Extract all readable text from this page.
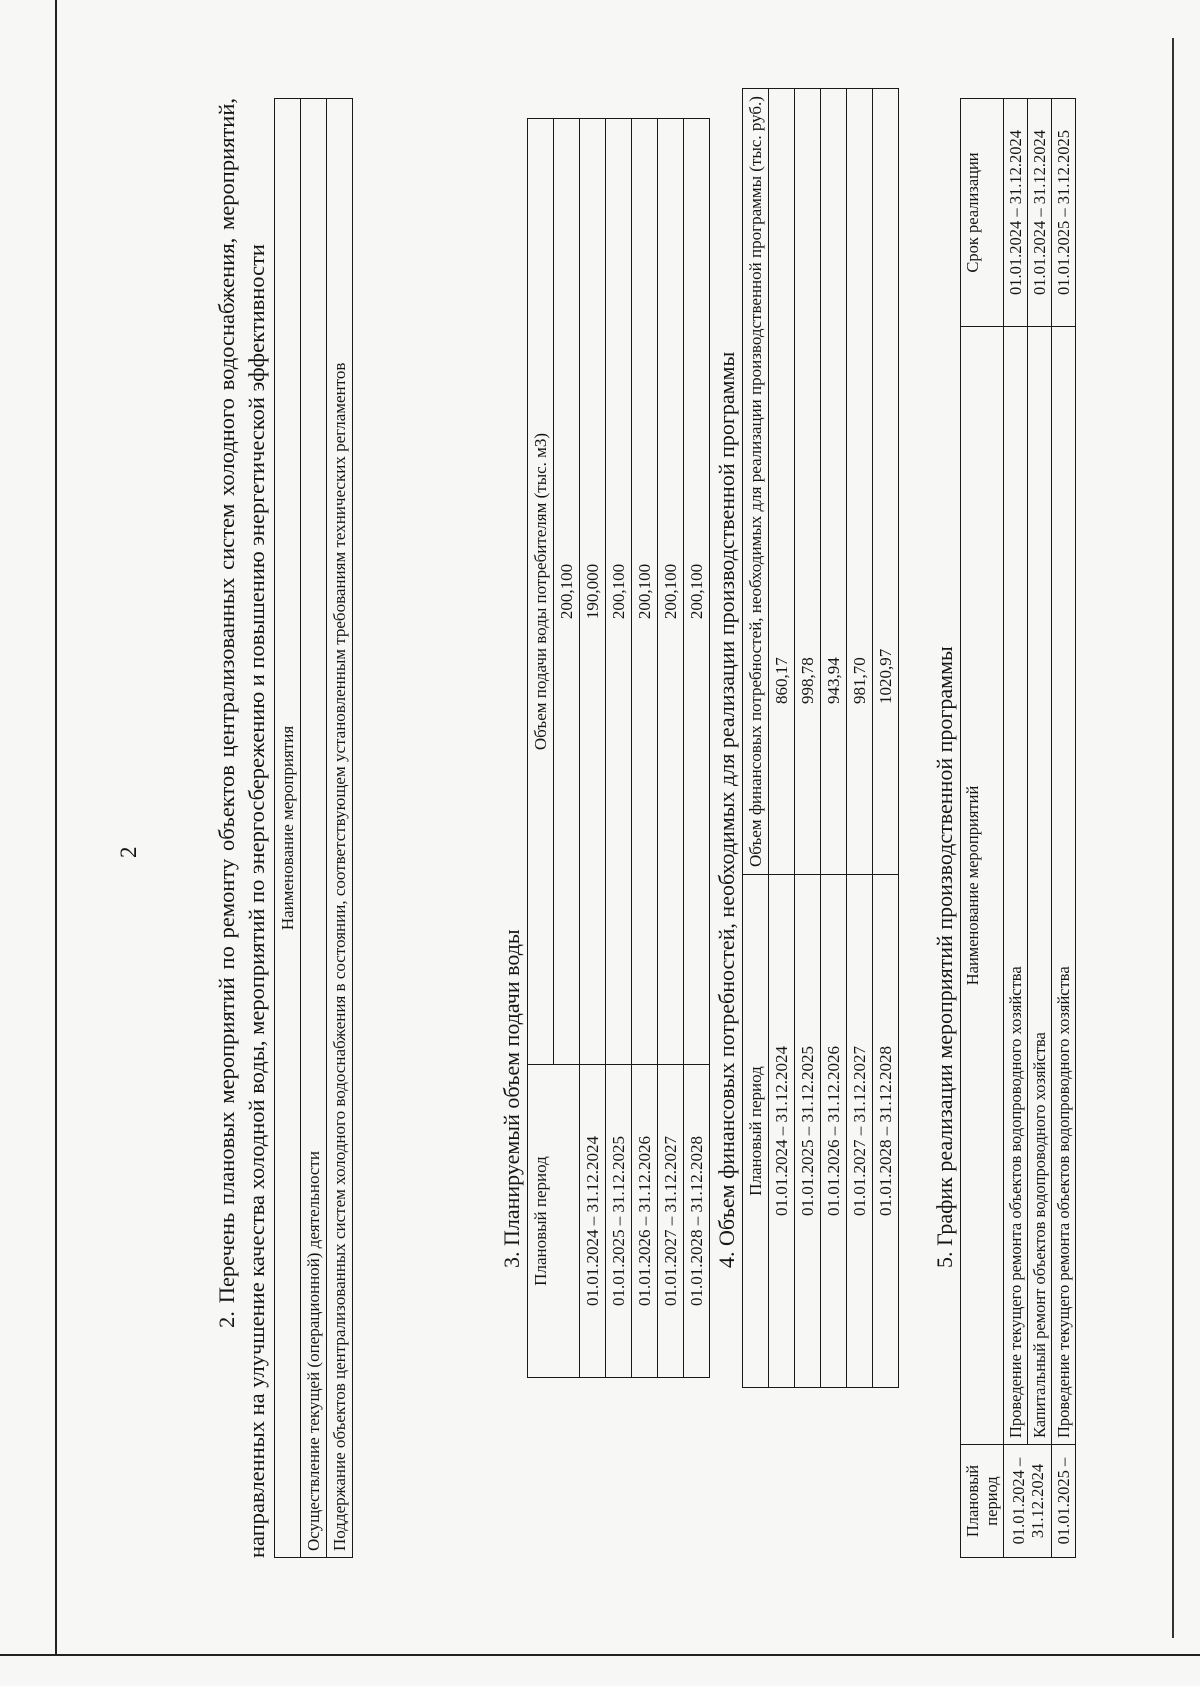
2	2. Перечень плановых мероприятий по ремонту объектов централизованных систем холодного водоснабжения, мероприятий, направленных на улучшение качества холодной воды, мероприятий по энергосбережению и повышению энергетической эффективности Наименование мероприятия
Осуществление текущей (операционной) деятельности
Поддержание объектов централизованных систем холодного водоснабжения в состоянии, соответствующем установленным требованиям технических регламентов	3. Планируемый объем подачи воды Плановый период	Объем подачи воды потребителям (тыс. м3)
	200,100
01.01.2024 – 31.12.2024	190,000
01.01.2025 – 31.12.2025	200,100
01.01.2026 – 31.12.2026	200,100
01.01.2027 – 31.12.2027	200,100
01.01.2028 – 31.12.2028	200,100 4. Объем финансовых потребностей, необходимых для реализации производственной программы Плановый период	Объем финансовых потребностей, необходимых для реализации производственной программы (тыс. руб.)
01.01.2024 – 31.12.2024	860,17
01.01.2025 – 31.12.2025	998,78
01.01.2026 – 31.12.2026	943,94
01.01.2027 – 31.12.2027	981,70
01.01.2028 – 31.12.2028	1020,97 5. График реализации мероприятий производственной программы

Плановый период	Наименование мероприятий	Срок реализации
01.01.2024 – 31.12.2024	Проведение текущего ремонта объектов водопроводного хозяйства	01.01.2024 – 31.12.2024
	Капитальный ремонт объектов водопроводного хозяйства	01.01.2024 – 31.12.2024
01.01.2025 –	Проведение текущего ремонта объектов водопроводного хозяйства	01.01.2025 – 31.12.2025
